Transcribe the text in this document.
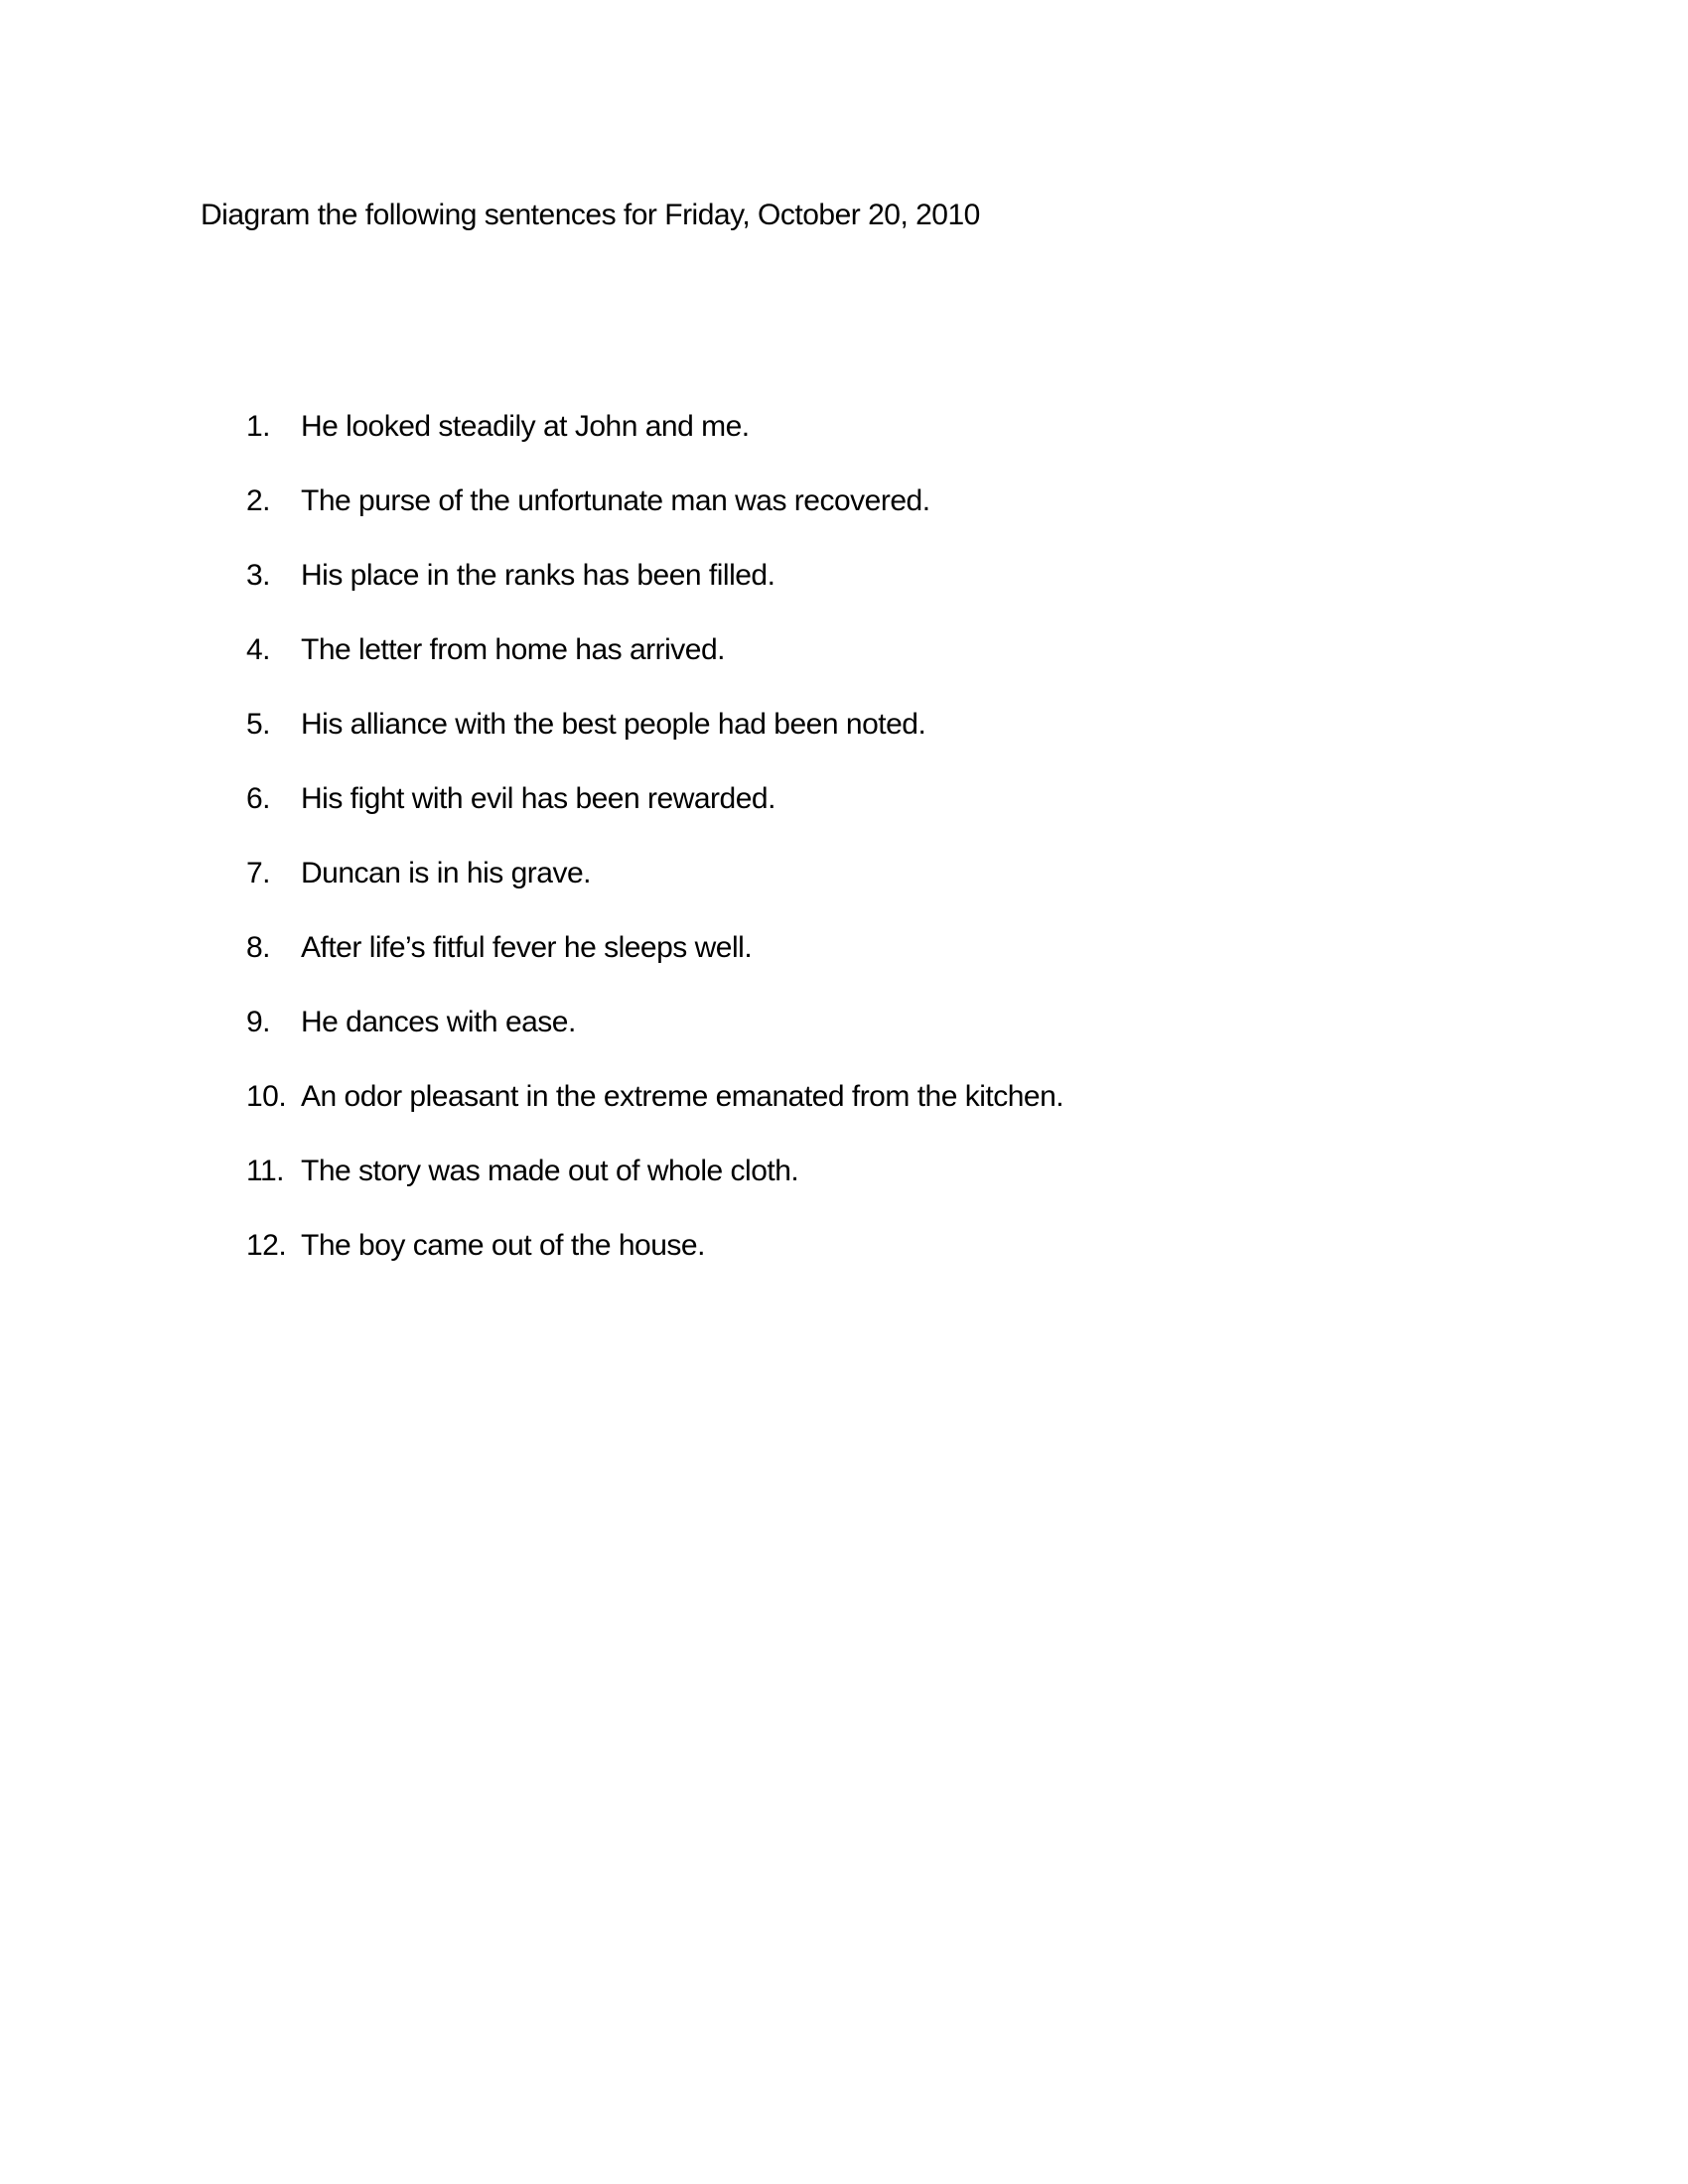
Diagram the following sentences for Friday, October 20, 2010
1.	He looked steadily at John and me.
2.	The purse of the unfortunate man was recovered.
3.	His place in the ranks has been filled.
4.	The letter from home has arrived.
5.	His alliance with the best people had been noted.
6.	His fight with evil has been rewarded.
7.	Duncan is in his grave.
8.	After life’s fitful fever he sleeps well.
9.	He dances with ease.
10. An odor pleasant in the extreme emanated from the kitchen.
11. The story was made out of whole cloth.
12. The boy came out of the house.
